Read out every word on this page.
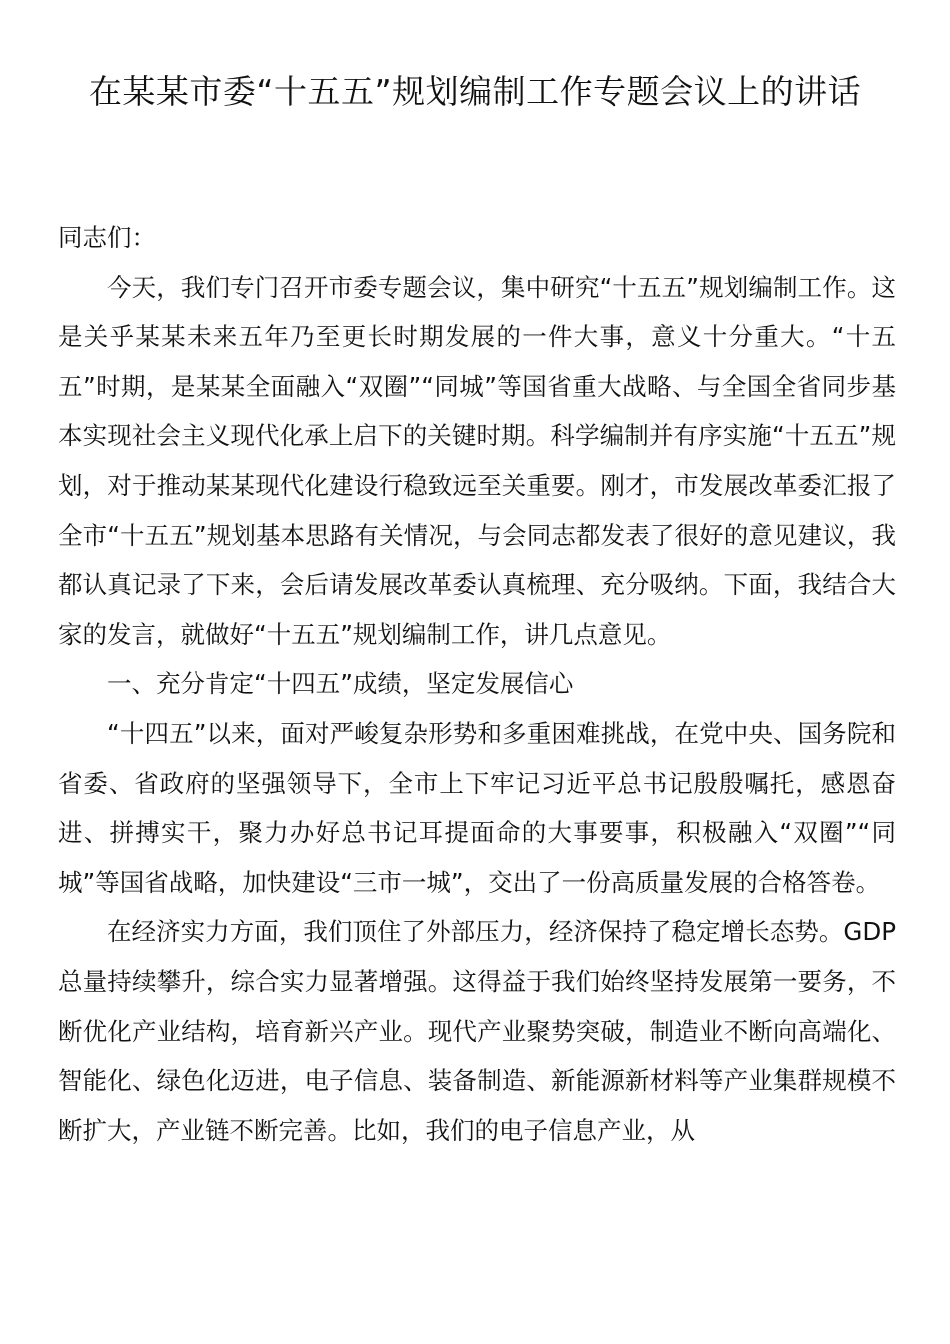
在某某市委“十五五”规划编制工作专题会议上的讲话

同志们：

今天，我们专门召开市委专题会议，集中研究“十五五”规划编制工作。这是关乎某某未来五年乃至更长时期发展的一件大事，意义十分重大。“十五五”时期，是某某全面融入“双圈”“同城”等国省重大战略、与全国全省同步基本实现社会主义现代化承上启下的关键时期。科学编制并有序实施“十五五”规划，对于推动某某现代化建设行稳致远至关重要。刚才，市发展改革委汇报了全市“十五五”规划基本思路有关情况，与会同志都发表了很好的意见建议，我都认真记录了下来，会后请发展改革委认真梳理、充分吸纳。下面，我结合大家的发言，就做好“十五五”规划编制工作，讲几点意见。

一、充分肯定“十四五”成绩，坚定发展信心

“十四五”以来，面对严峻复杂形势和多重困难挑战，在党中央、国务院和省委、省政府的坚强领导下，全市上下牢记习近平总书记殷殷嘱托，感恩奋进、拼搏实干，聚力办好总书记耳提面命的大事要事，积极融入“双圈”“同城”等国省战略，加快建设“三市一城”，交出了一份高质量发展的合格答卷。

在经济实力方面，我们顶住了外部压力，经济保持了稳定增长态势。GDP总量持续攀升，综合实力显著增强。这得益于我们始终坚持发展第一要务，不断优化产业结构，培育新兴产业。现代产业聚势突破，制造业不断向高端化、智能化、绿色化迈进，电子信息、装备制造、新能源新材料等产业集群规模不断扩大，产业链不断完善。比如，我们的电子信息产业，从
